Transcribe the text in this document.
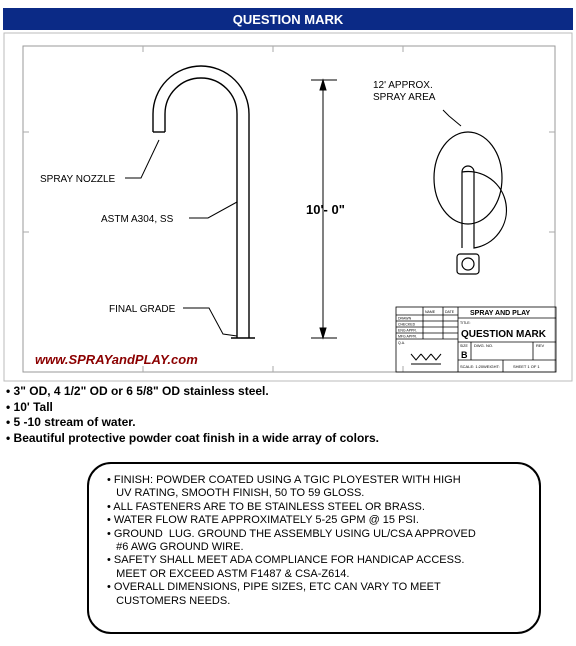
QUESTION MARK
SPRAY NOZZLE
ASTM A304, SS
FINAL GRADE
10'- 0"
12' APPROX.
SPRAY AREA
www.SPRAYandPLAY.com
NAME	DATE
DRAWN
CHECKED
ENG APPR.
MFG APPR.
Q.A.
SPRAY AND PLAY
TITLE:
QUESTION MARK
SIZE
B
DWG. NO.	REV
SCALE: 1:20 WEIGHT:	SHEET 1 OF 1
• 3" OD, 4 1/2" OD or 6 5/8" OD stainless steel.
• 10' Tall
• 5 -10 stream of water.
• Beautiful protective powder coat finish in a wide array of colors.
• FINISH: POWDER COATED USING A TGIC PLOYESTER WITH HIGH
UV RATING, SMOOTH FINISH, 50 TO 59 GLOSS.
• ALL FASTENERS ARE TO BE STAINLESS STEEL OR BRASS.
• WATER FLOW RATE APPROXIMATELY 5-25 GPM @ 15 PSI.
• GROUND  LUG. GROUND THE ASSEMBLY USING UL/CSA APPROVED
#6 AWG GROUND WIRE.
• SAFETY SHALL MEET ADA COMPLIANCE FOR HANDICAP ACCESS.
MEET OR EXCEED ASTM F1487 & CSA-Z614.
• OVERALL DIMENSIONS, PIPE SIZES, ETC CAN VARY TO MEET
CUSTOMERS NEEDS.
